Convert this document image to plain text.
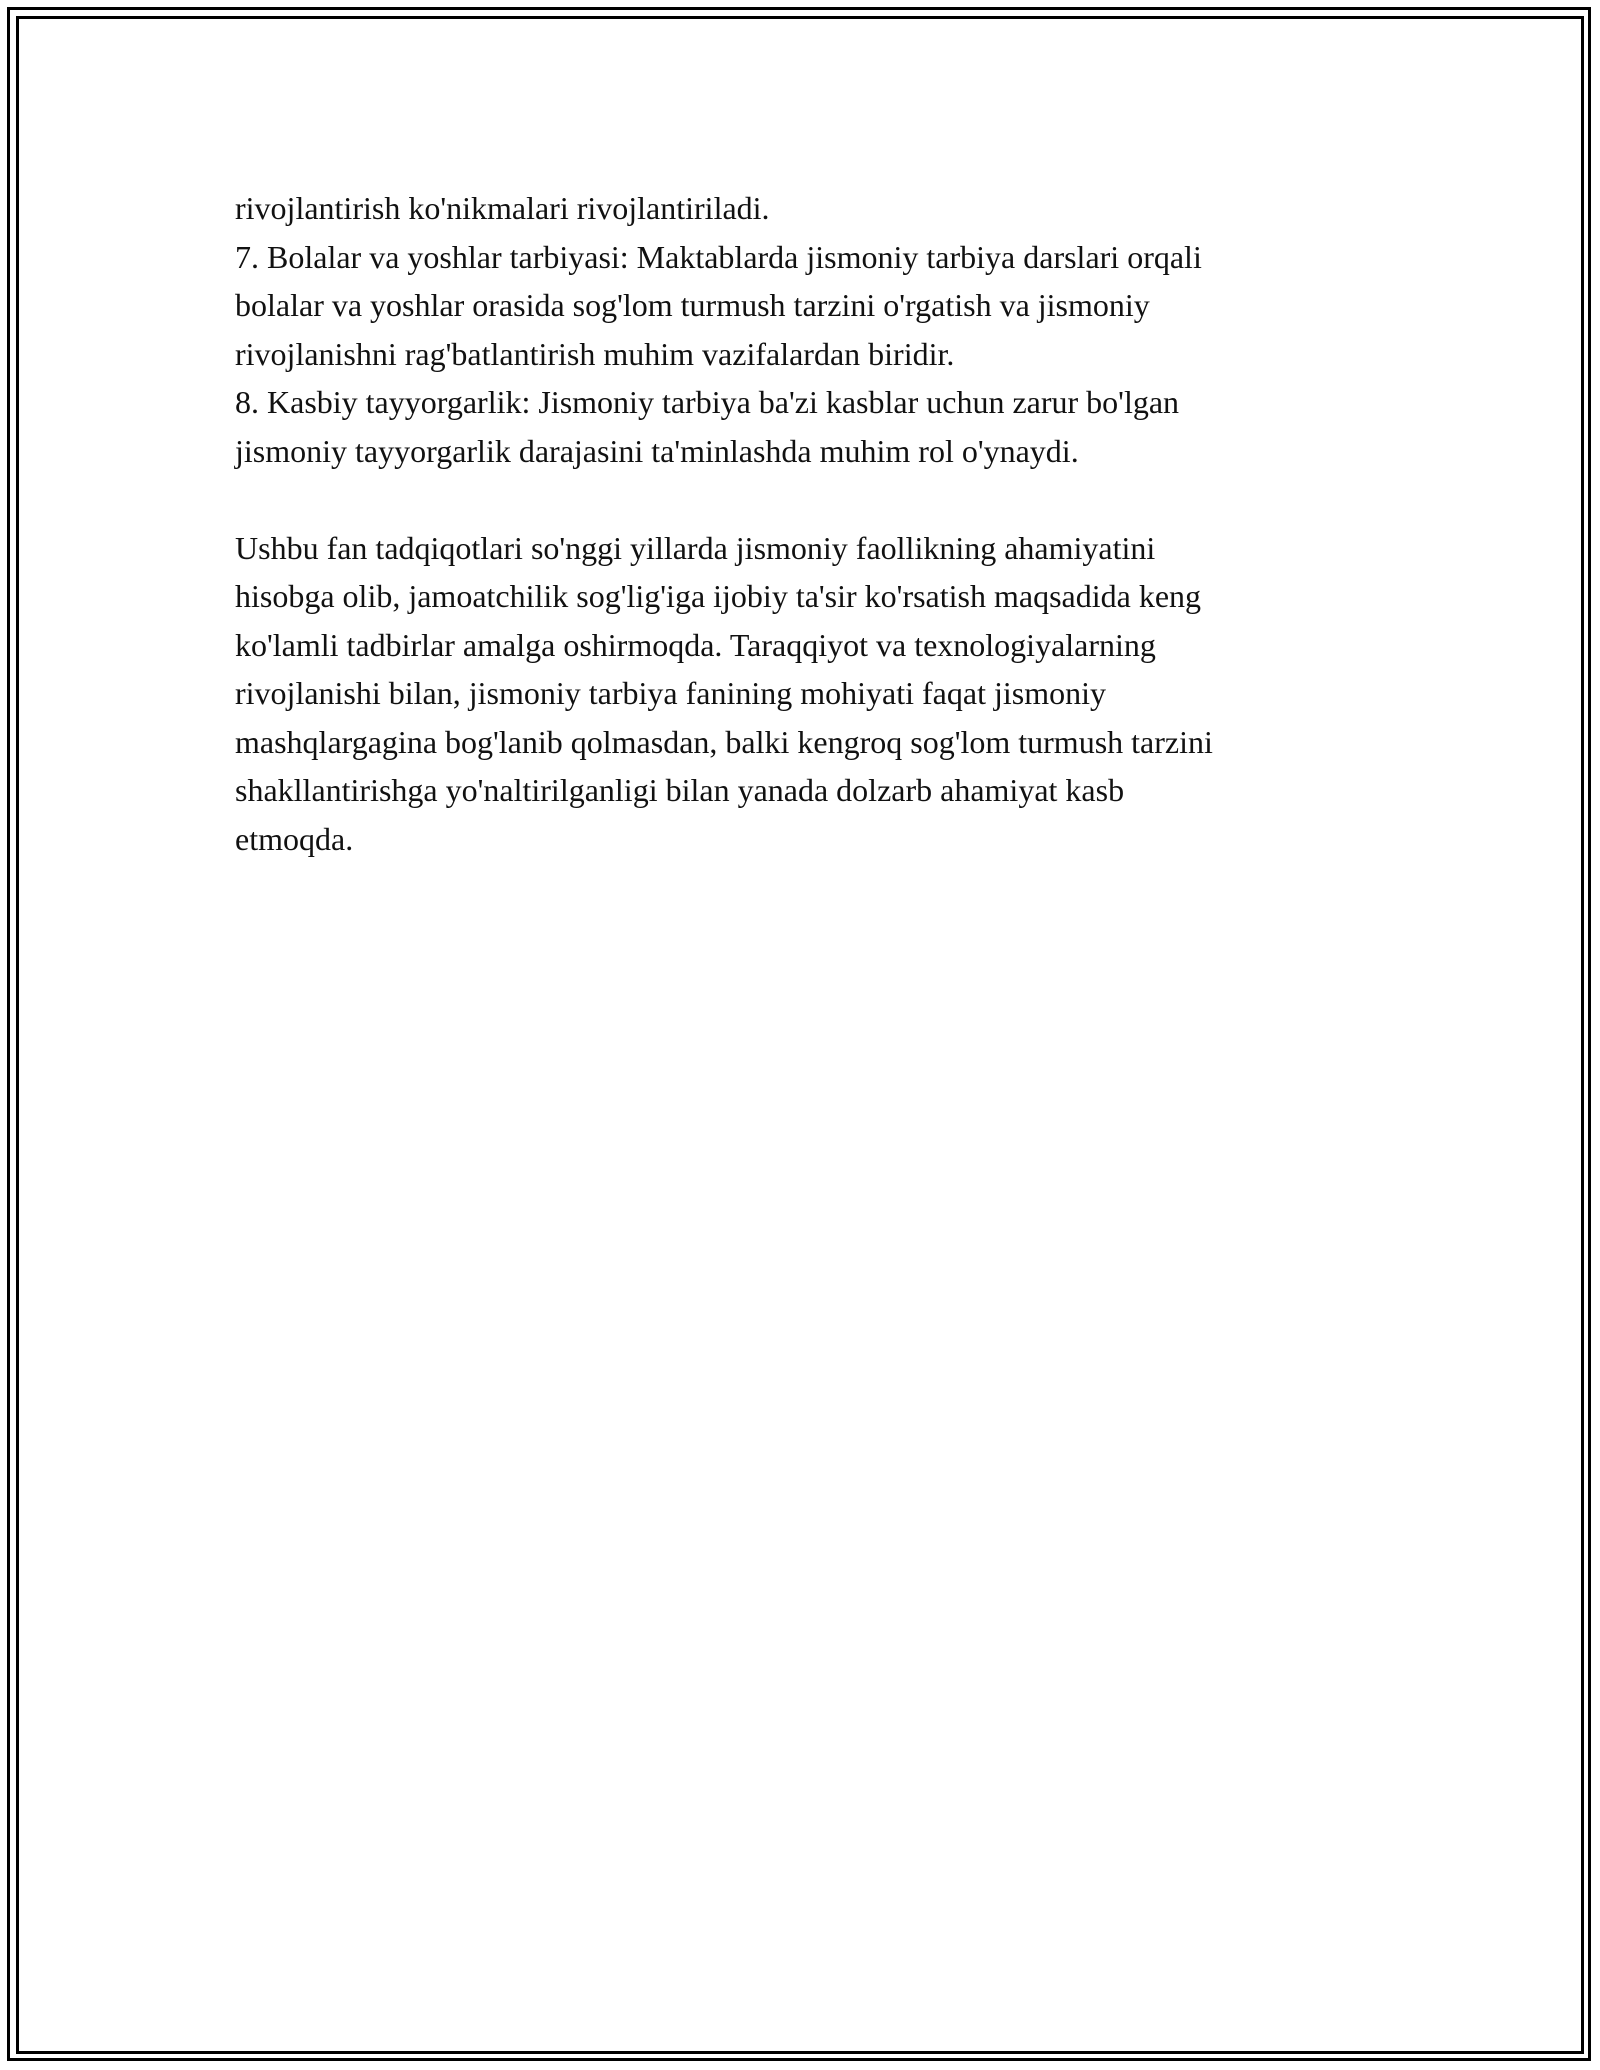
rivojlantirish ko'nikmalari rivojlantiriladi.
7. Bolalar va yoshlar tarbiyasi: Maktablarda jismoniy tarbiya darslari orqali
bolalar va yoshlar orasida sog'lom turmush tarzini o'rgatish va jismoniy
rivojlanishni rag'batlantirish muhim vazifalardan biridir.
8. Kasbiy tayyorgarlik: Jismoniy tarbiya ba'zi kasblar uchun zarur bo'lgan
jismoniy tayyorgarlik darajasini ta'minlashda muhim rol o'ynaydi.
Ushbu fan tadqiqotlari so'nggi yillarda jismoniy faollikning ahamiyatini
hisobga olib, jamoatchilik sog'lig'iga ijobiy ta'sir ko'rsatish maqsadida keng
ko'lamli tadbirlar amalga oshirmoqda. Taraqqiyot va texnologiyalarning
rivojlanishi bilan, jismoniy tarbiya fanining mohiyati faqat jismoniy
mashqlargagina bog'lanib qolmasdan, balki kengroq sog'lom turmush tarzini
shakllantirishga yo'naltirilganligi bilan yanada dolzarb ahamiyat kasb
etmoqda.
